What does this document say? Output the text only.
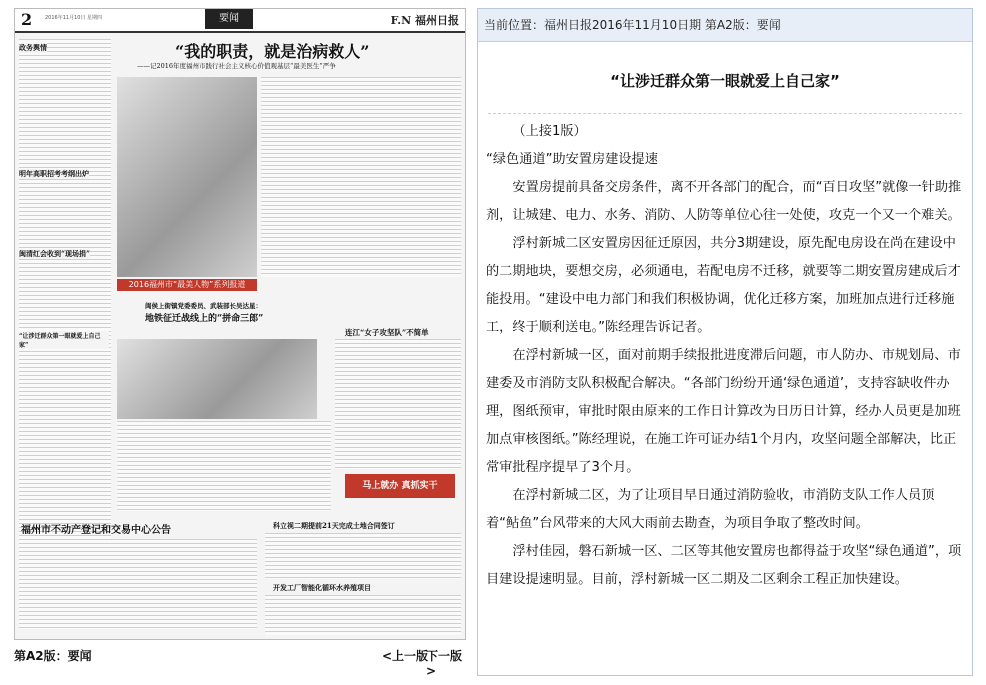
2	2016年11月10日 星期四	要闻	F.N 福州日报
政务舆情
明年高职招考考纲出炉
闽清红会收到“现场捐”
“让涉迁群众第一眼就爱上自己家”
“我的职责，就是治病救人”
——记2016年度福州市践行社会主义核心价值观基层“最美医生”严争
2016福州市“最美人物”系列报道
闽侯上街镇党委委员、武装部长吴达星：
地铁征迁战线上的“拼命三郎”
连江“女子攻坚队”不简单
马上就办 真抓实干
福州市不动产登记和交易中心公告	科立视二期提前21天完成土地合同签订
开发工厂智能化循环水养殖项目
第A2版：要闻	<上一版
下一版>
当前位置：福州日报2016年11月10日期 第A2版：要闻
“让涉迁群众第一眼就爱上自己家”

（上接1版）

“绿色通道”助安置房建设提速

安置房提前具备交房条件，离不开各部门的配合，而“百日攻坚”就像一针助推剂，让城建、电力、水务、消防、人防等单位心往一处使，攻克一个又一个难关。

浮村新城二区安置房因征迁原因，共分3期建设，原先配电房设在尚在建设中的二期地块，要想交房，必须通电，若配电房不迁移，就要等二期安置房建成后才能投用。“建设中电力部门和我们积极协调，优化迁移方案，加班加点进行迁移施工，终于顺利送电。”陈经理告诉记者。

在浮村新城一区，面对前期手续报批进度滞后问题，市人防办、市规划局、市建委及市消防支队积极配合解决。“各部门纷纷开通‘绿色通道’，支持容缺收件办理，图纸预审，审批时限由原来的工作日计算改为日历日计算，经办人员更是加班加点审核图纸。”陈经理说，在施工许可证办结1个月内，攻坚问题全部解决，比正常审批程序提早了3个月。

在浮村新城二区，为了让项目早日通过消防验收，市消防支队工作人员顶着“鲇鱼”台风带来的大风大雨前去勘查，为项目争取了整改时间。

浮村佳园，磐石新城一区、二区等其他安置房也都得益于攻坚“绿色通道”，项目建设提速明显。目前，浮村新城一区二期及二区剩余工程正加快建设。
